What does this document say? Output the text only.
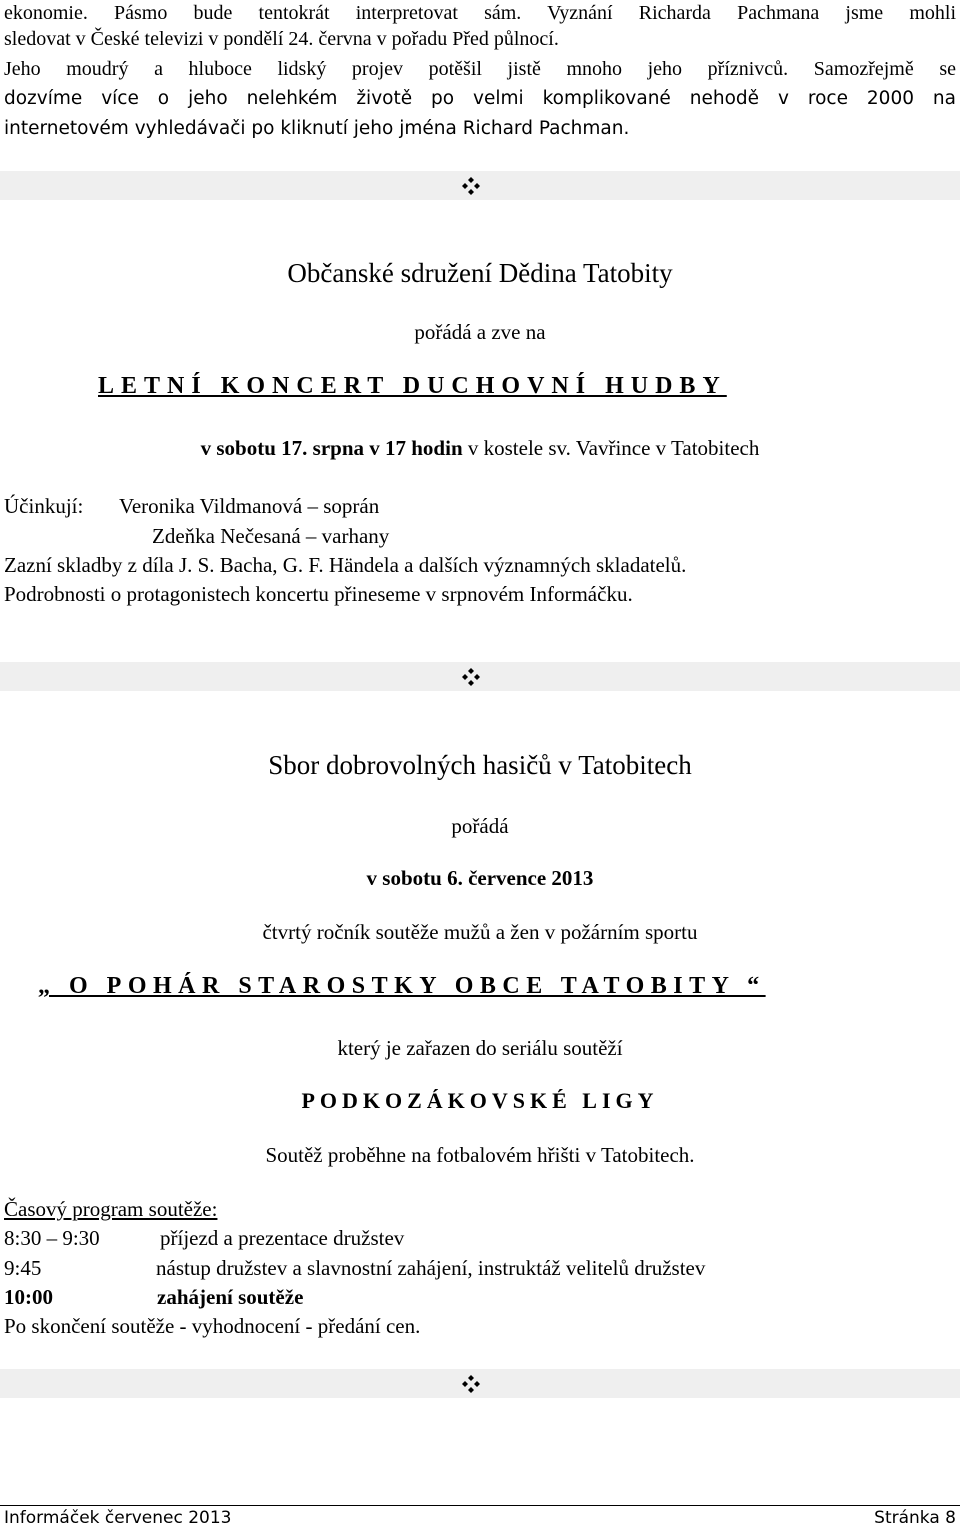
ekonomie. Pásmo bude tentokrát interpretovat sám. Vyznání Richarda Pachmana jsme mohli
sledovat v České televizi v pondělí 24. června v pořadu Před půlnocí.
Jeho moudrý a hluboce lidský projev potěšil jistě mnoho jeho příznivců. Samozřejmě se
dozvíme více o jeho nelehkém životě po velmi komplikované nehodě v roce 2000 na
internetovém vyhledávači po kliknutí jeho jména Richard Pachman.
Občanské sdružení Dědina Tatobity
pořádá a zve na
LETNÍ KONCERT DUCHOVNÍ HUDBY
v sobotu 17. srpna v 17 hodin v kostele sv. Vavřince v Tatobitech
Účinkují: Veronika Vildmanová – soprán
Zdeňka Nečesaná – varhany
Zazní skladby z díla J. S. Bacha, G. F. Händela a dalších významných skladatelů.
Podrobnosti o protagonistech koncertu přineseme v srpnovém Informáčku.
Sbor dobrovolných hasičů v Tatobitech
pořádá
v sobotu 6. července 2013
čtvrtý ročník soutěže mužů a žen v požárním sportu
„ O POHÁR STAROSTKY OBCE TATOBITY “
který je zařazen do seriálu soutěží
PODKOZÁKOVSKÉ LIGY
Soutěž proběhne na fotbalovém hřišti v Tatobitech.
Časový program soutěže:
8:30 – 9:30	příjezd a prezentace družstev
9:45	nástup družstev a slavnostní zahájení, instruktáž velitelů družstev
10:00	zahájení soutěže
Po skončení soutěže - vyhodnocení - předání cen.
Informáček červenec 2013	Stránka 8
